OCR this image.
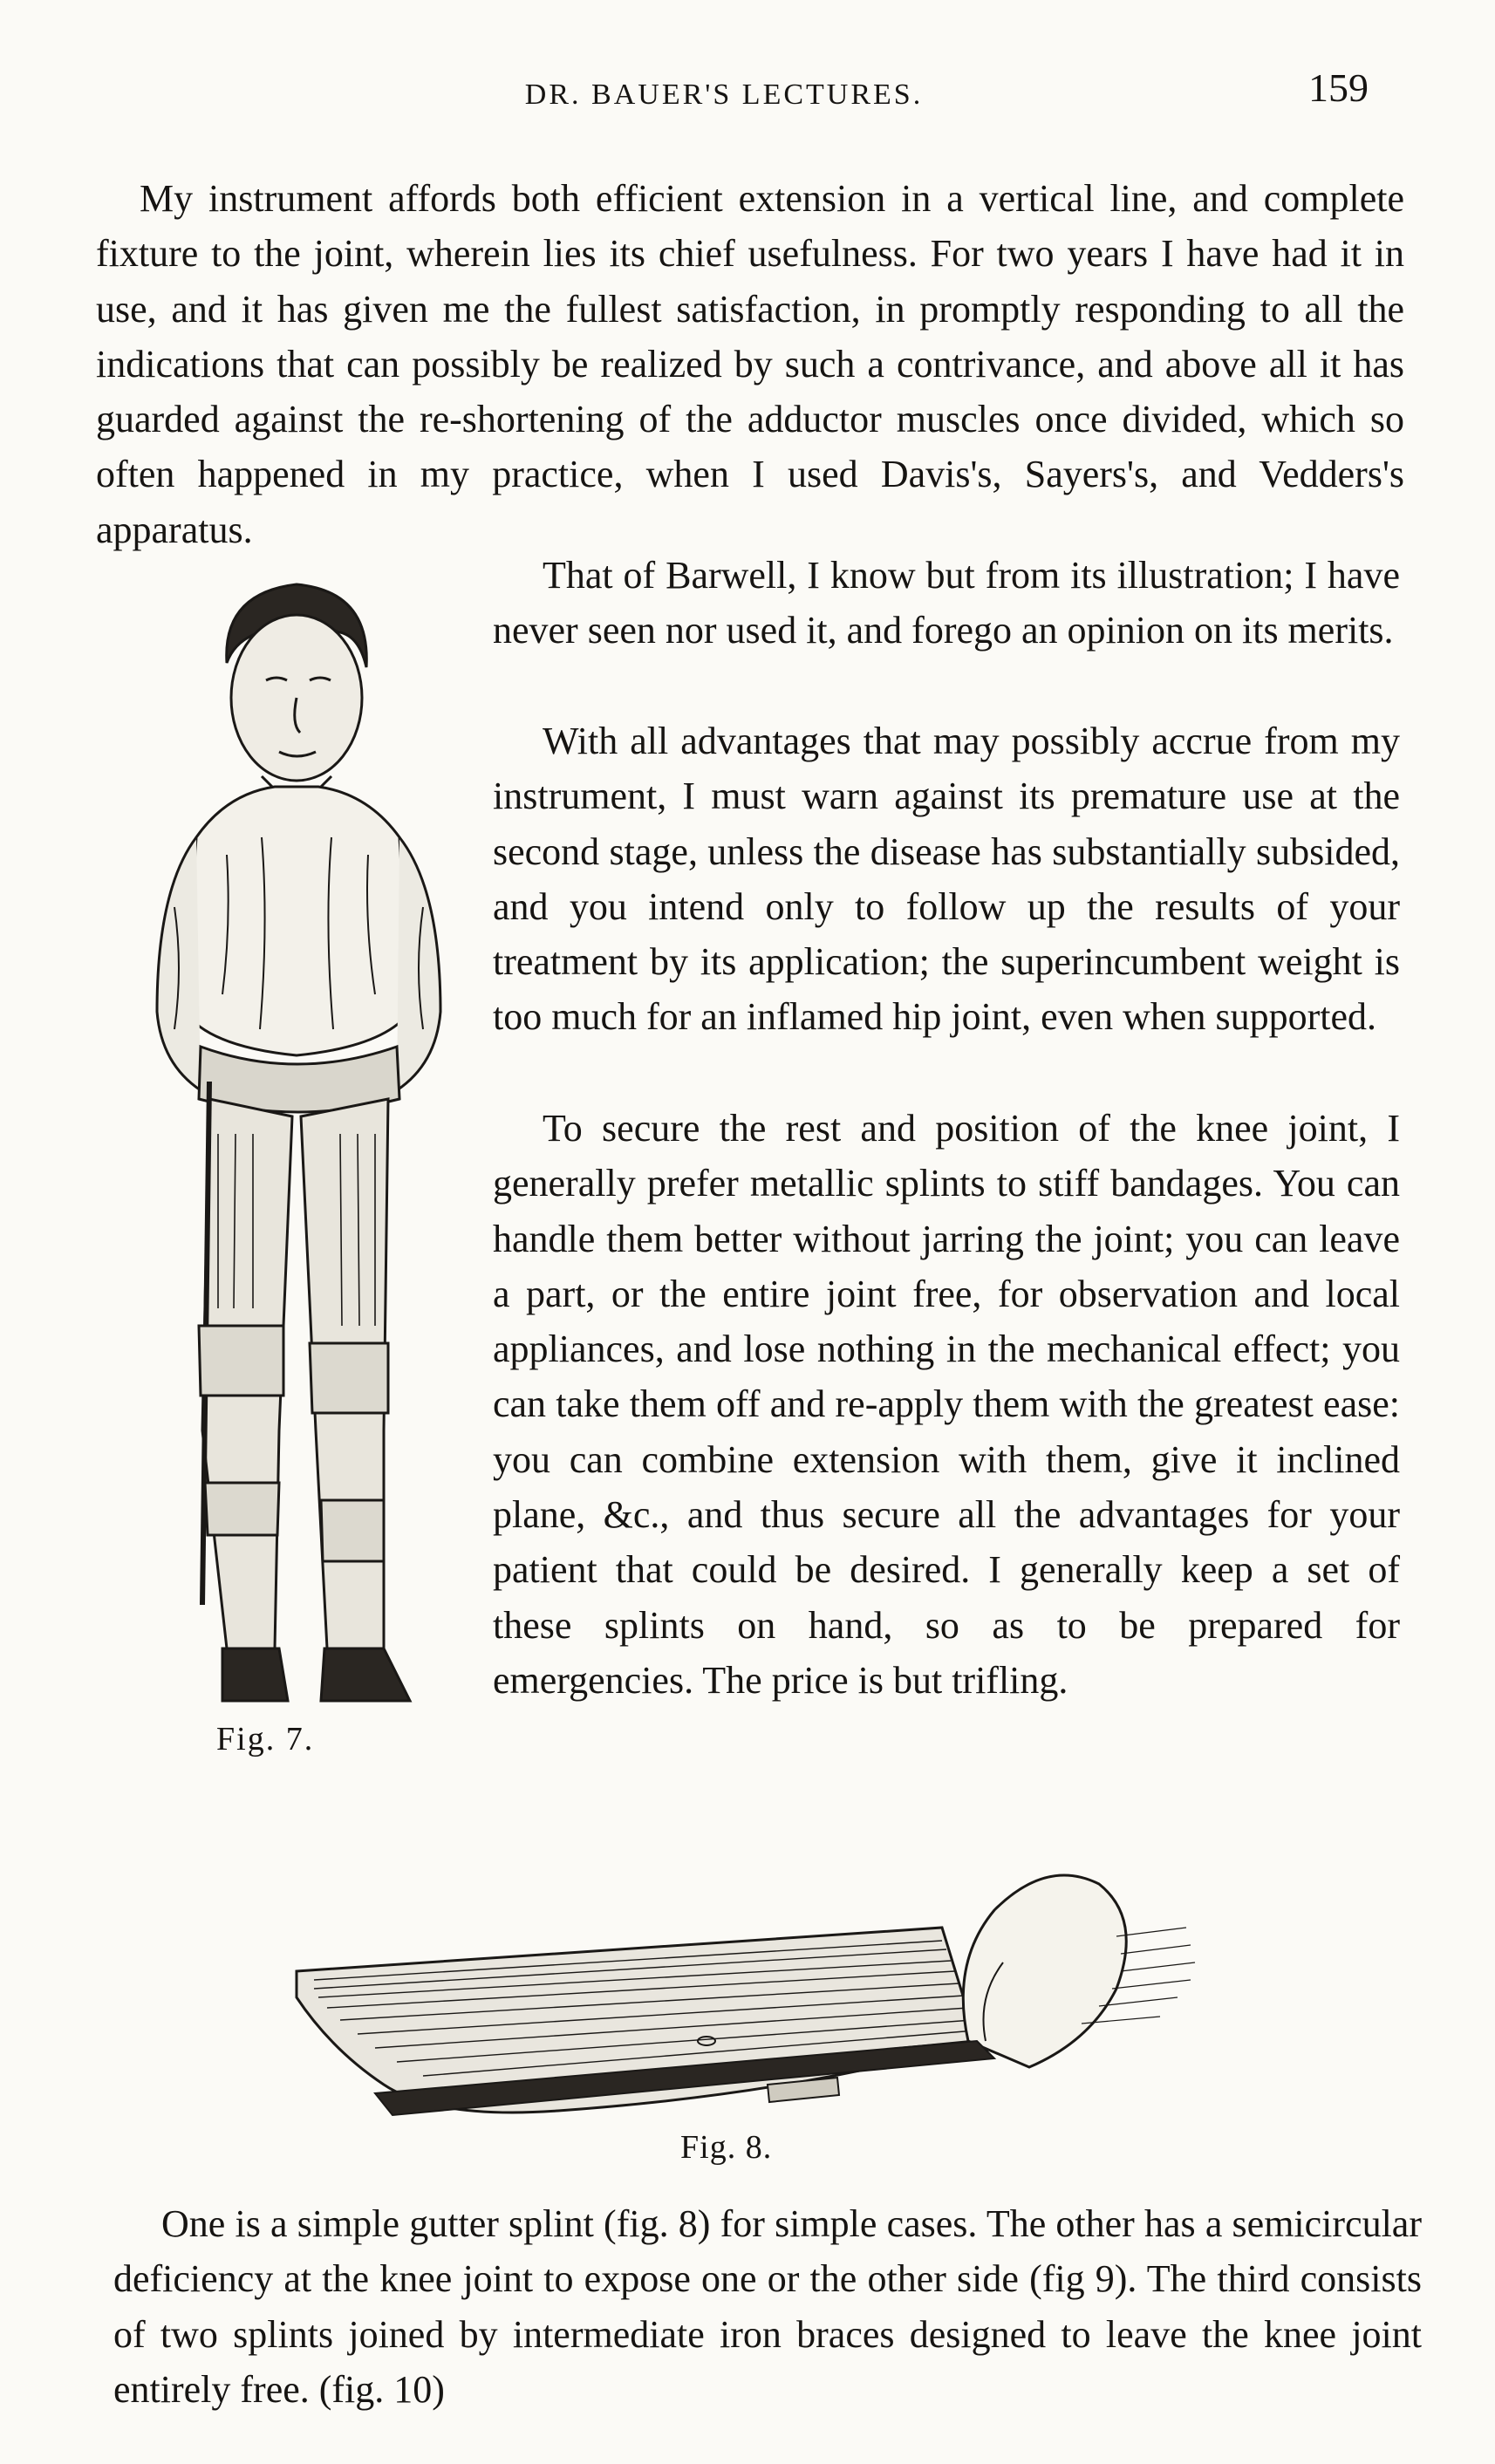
DR. BAUER'S LECTURES.	159

My instrument affords both efficient extension in a vertical line, and complete fixture to the joint, wherein lies its chief usefulness. For two years I have had it in use, and it has given me the fullest satisfaction, in promptly responding to all the indications that can possibly be realized by such a contrivance, and above all it has guarded against the re-shortening of the adductor muscles once divided, which so often happened in my practice, when I used Davis's, Sayers's, and Vedders's apparatus.

That of Barwell, I know but from its illustration; I have never seen nor used it, and forego an opinion on its merits.

With all advantages that may possibly accrue from my instrument, I must warn against its premature use at the second stage, unless the disease has substantially subsided, and you intend only to follow up the results of your treatment by its application; the superincumbent weight is too much for an inflamed hip joint, even when supported.

To secure the rest and position of the knee joint, I generally prefer metallic splints to stiff bandages. You can handle them better without jarring the joint; you can leave a part, or the entire joint free, for observation and local appliances, and lose nothing in the mechanical effect; you can take them off and re-apply them with the greatest ease: you can combine extension with them, give it inclined plane, &c., and thus secure all the advantages for your patient that could be desired. I generally keep a set of these splints on hand, so as to be prepared for emergencies. The price is but trifling.

One is a simple gutter splint (fig. 8) for simple cases. The other has a semicircular deficiency at the knee joint to expose one or the other side (fig 9). The third consists of two splints joined by intermediate iron braces designed to leave the knee joint entirely free. (fig. 10)

Fig. 7.
Fig. 8.
